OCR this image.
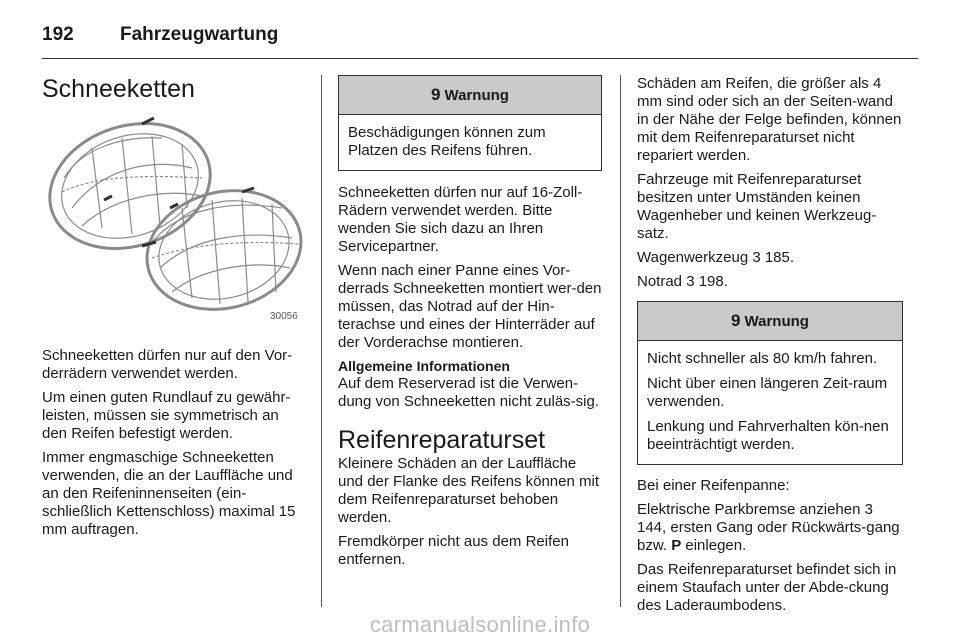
192	Fahrzeugwartung
Schneeketten
30056

Schneeketten dürfen nur auf den Vor-derrädern verwendet werden.

Um einen guten Rundlauf zu gewähr-leisten, müssen sie symmetrisch an den Reifen befestigt werden.

Immer engmaschige Schneeketten verwenden, die an der Lauffläche und an den Reifeninnenseiten (ein-schließlich Kettenschloss) maximal 15 mm auftragen.

9 Warnung

Beschädigungen können zum Platzen des Reifens führen.

Schneeketten dürfen nur auf 16-Zoll-Rädern verwendet werden. Bitte wenden Sie sich dazu an Ihren Servicepartner.

Wenn nach einer Panne eines Vor-derrads Schneeketten montiert wer-den müssen, das Notrad auf der Hin-terachse und eines der Hinterräder auf der Vorderachse montieren.

Allgemeine Informationen

Auf dem Reserverad ist die Verwen-dung von Schneeketten nicht zuläs-sig.

Reifenreparaturset

Kleinere Schäden an der Lauffläche und der Flanke des Reifens können mit dem Reifenreparaturset behoben werden.

Fremdkörper nicht aus dem Reifen entfernen.

Schäden am Reifen, die größer als 4 mm sind oder sich an der Seiten-wand in der Nähe der Felge befinden, können mit dem Reifenreparaturset nicht repariert werden.

Fahrzeuge mit Reifenreparaturset besitzen unter Umständen keinen Wagenheber und keinen Werkzeug-satz.

Wagenwerkzeug 3 185.

Notrad 3 198.

9 Warnung

Nicht schneller als 80 km/h fahren.

Nicht über einen längeren Zeit-raum verwenden.

Lenkung und Fahrverhalten kön-nen beeinträchtigt werden.

Bei einer Reifenpanne:

Elektrische Parkbremse anziehen 3 144, ersten Gang oder Rückwärts-gang bzw. P einlegen.

Das Reifenreparaturset befindet sich in einem Staufach unter der Abde-ckung des Laderaumbodens.

carmanualsonline.info
